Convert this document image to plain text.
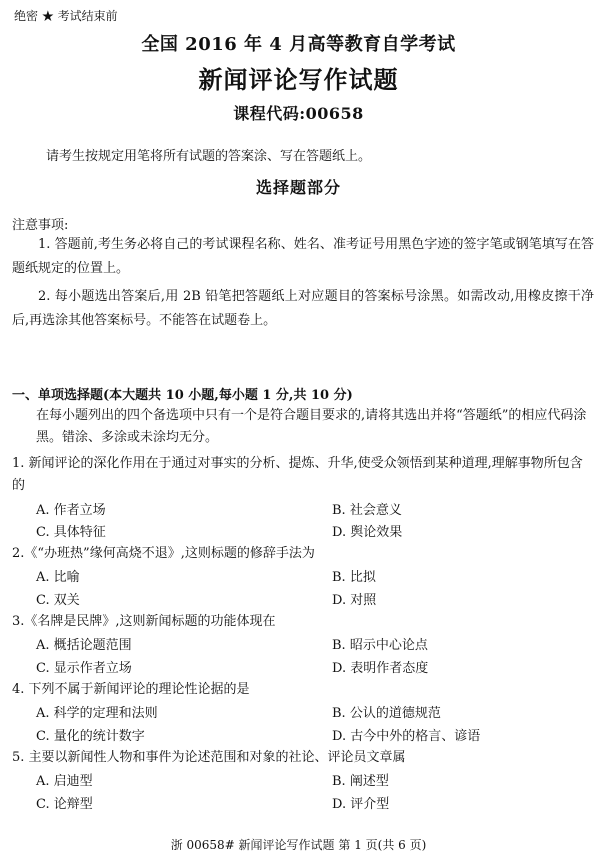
绝密 ★ 考试结束前
全国 2016 年 4 月高等教育自学考试
新闻评论写作试题
课程代码:00658
请考生按规定用笔将所有试题的答案涂、写在答题纸上。
选择题部分
注意事项:
1. 答题前,考生务必将自己的考试课程名称、姓名、准考证号用黑色字迹的签字笔或钢笔填写在答题纸规定的位置上。
2. 每小题选出答案后,用 2B 铅笔把答题纸上对应题目的答案标号涂黑。如需改动,用橡皮擦干净后,再选涂其他答案标号。不能答在试题卷上。
一、单项选择题(本大题共 10 小题,每小题 1 分,共 10 分)
在每小题列出的四个备选项中只有一个是符合题目要求的,请将其选出并将“答题纸”的相应代码涂黑。错涂、多涂或未涂均无分。
1. 新闻评论的深化作用在于通过对事实的分析、提炼、升华,使受众领悟到某种道理,理解事物所包含的
A. 作者立场	B. 社会意义
C. 具体特征	D. 舆论效果
2.《“办班热”缘何高烧不退》,这则标题的修辞手法为
A. 比喻	B. 比拟
C. 双关	D. 对照
3.《名牌是民牌》,这则新闻标题的功能体现在
A. 概括论题范围	B. 昭示中心论点
C. 显示作者立场	D. 表明作者态度
4. 下列不属于新闻评论的理论性论据的是
A. 科学的定理和法则	B. 公认的道德规范
C. 量化的统计数字	D. 古今中外的格言、谚语
5. 主要以新闻性人物和事件为论述范围和对象的社论、评论员文章属
A. 启迪型	B. 阐述型
C. 论辩型	D. 评介型
浙 00658# 新闻评论写作试题 第 1 页(共 6 页)
